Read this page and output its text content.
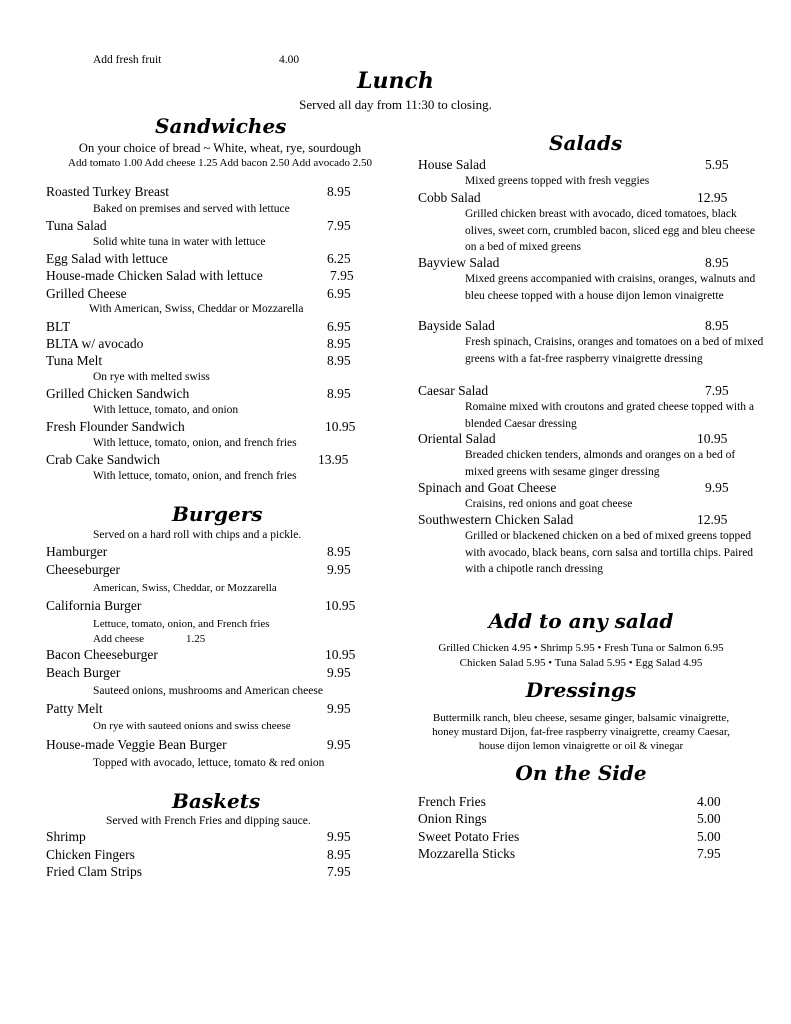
Add fresh fruit	4.00
Lunch
Served all day from 11:30 to closing.
Sandwiches
On your choice of bread ~ White, wheat, rye, sourdough
Add tomato 1.00 Add cheese 1.25 Add bacon 2.50 Add avocado 2.50
Roasted Turkey Breast	8.95
Baked on premises and served with lettuce
Tuna Salad	7.95
Solid white tuna in water with lettuce
Egg Salad with lettuce	6.25
House-made Chicken Salad with lettuce	7.95
Grilled Cheese	6.95
With American, Swiss, Cheddar or Mozzarella
BLT	6.95
BLTA w/ avocado	8.95
Tuna Melt	8.95
On rye with melted swiss
Grilled Chicken Sandwich	8.95
With lettuce, tomato, and onion
Fresh Flounder Sandwich	10.95
With lettuce, tomato, onion, and french fries
Crab Cake Sandwich	13.95
With lettuce, tomato, onion, and french fries
Burgers
Served on a hard roll with chips and a pickle.
Hamburger	8.95
Cheeseburger	9.95
American, Swiss, Cheddar, or Mozzarella
California Burger	10.95
Lettuce, tomato, onion, and French fries
Add cheese	1.25
Bacon Cheeseburger	10.95
Beach Burger	9.95
Sauteed onions, mushrooms and American cheese
Patty Melt	9.95
On rye with sauteed onions and swiss cheese
House-made Veggie Bean Burger	9.95
Topped with avocado, lettuce, tomato & red onion
Baskets
Served with French Fries and dipping sauce.
Shrimp	9.95
Chicken Fingers	8.95
Fried Clam Strips	7.95
Salads
House Salad	5.95
Mixed greens topped with fresh veggies
Cobb Salad	12.95
Grilled chicken breast with avocado, diced tomatoes, black olives, sweet corn, crumbled bacon, sliced egg and bleu cheese on a bed of mixed greens
Bayview Salad	8.95
Mixed greens accompanied with craisins, oranges, walnuts and bleu cheese topped with a house dijon lemon vinaigrette
Bayside Salad	8.95
Fresh spinach, Craisins, oranges and tomatoes on a bed of mixed greens with a fat-free raspberry vinaigrette dressing
Caesar Salad	7.95
Romaine mixed with croutons and grated cheese topped with a blended Caesar dressing
Oriental Salad	10.95
Breaded chicken tenders, almonds and oranges on a bed of mixed greens with sesame ginger dressing
Spinach and Goat Cheese	9.95
Craisins, red onions and goat cheese
Southwestern Chicken Salad	12.95
Grilled or blackened chicken on a bed of mixed greens topped with avocado, black beans, corn salsa and tortilla chips. Paired with a chipotle ranch dressing
Add to any salad
Grilled Chicken 4.95 • Shrimp 5.95 • Fresh Tuna or Salmon 6.95
Chicken Salad 5.95 • Tuna Salad 5.95 • Egg Salad 4.95
Dressings
Buttermilk ranch, bleu cheese, sesame ginger, balsamic vinaigrette,
honey mustard Dijon, fat-free raspberry vinaigrette, creamy Caesar,
house dijon lemon vinaigrette or oil & vinegar
On the Side
French Fries	4.00
Onion Rings	5.00
Sweet Potato Fries	5.00
Mozzarella Sticks	7.95
